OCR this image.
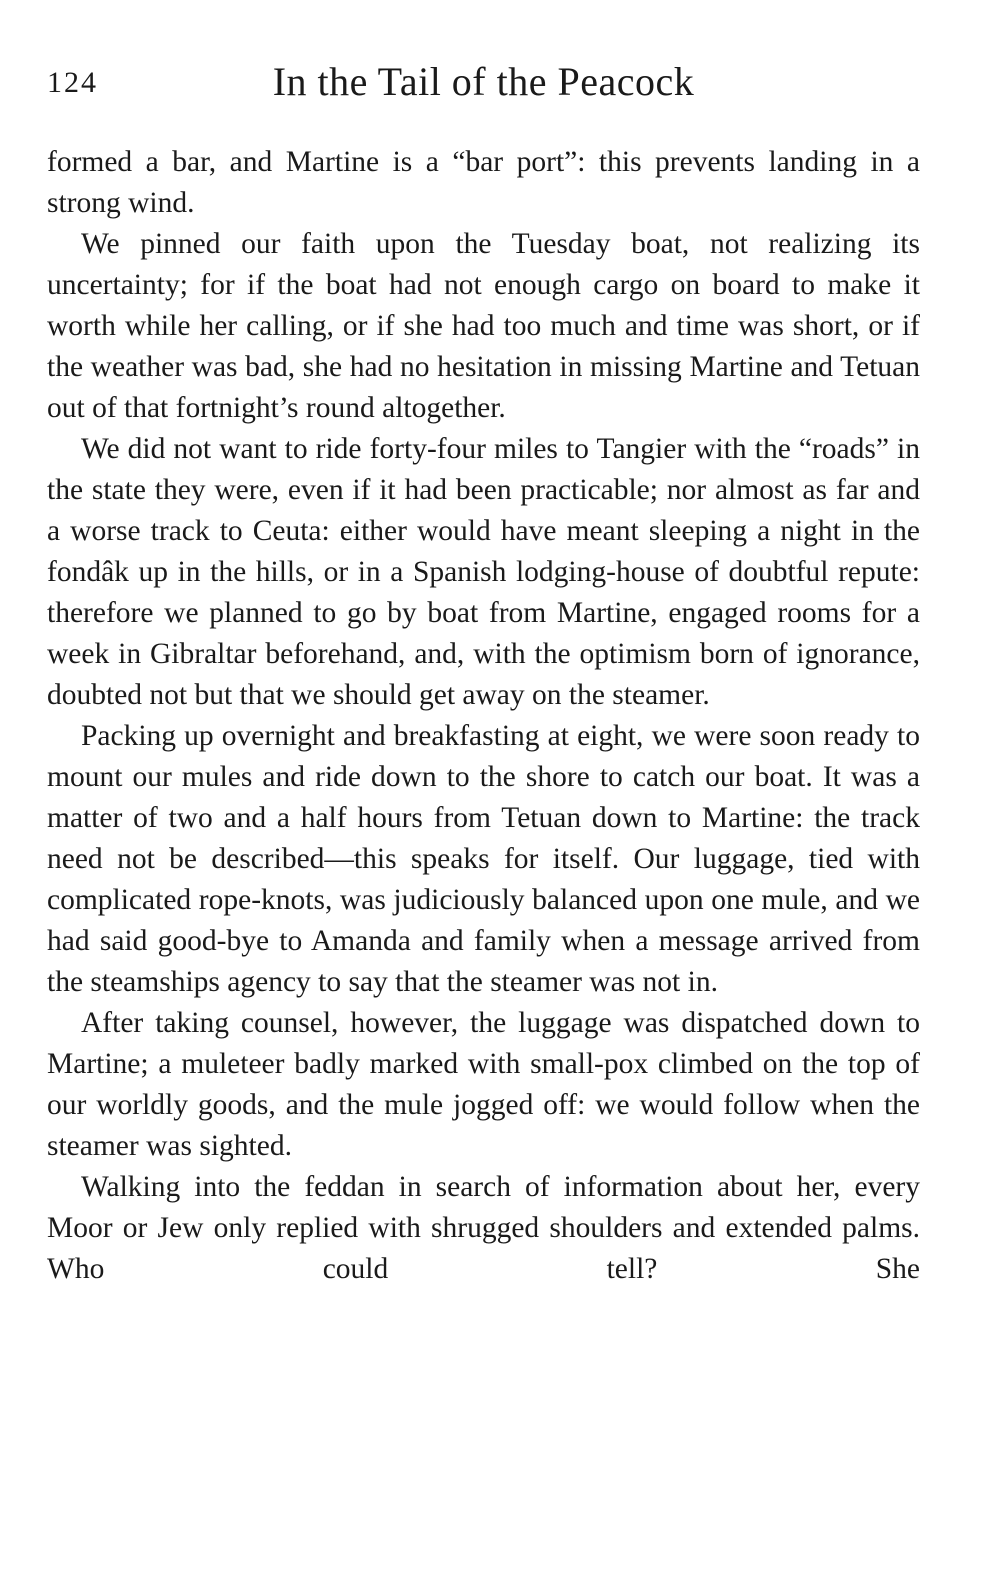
124	In the Tail of the Peacock

formed a bar, and Martine is a “bar port”: this prevents landing in a strong wind.

We pinned our faith upon the Tuesday boat, not realizing its uncertainty; for if the boat had not enough cargo on board to make it worth while her calling, or if she had too much and time was short, or if the weather was bad, she had no hesitation in missing Martine and Tetuan out of that fortnight’s round altogether.

We did not want to ride forty-four miles to Tangier with the “roads” in the state they were, even if it had been practicable; nor almost as far and a worse track to Ceuta: either would have meant sleeping a night in the fondâk up in the hills, or in a Spanish lodging-house of doubtful repute: therefore we planned to go by boat from Martine, engaged rooms for a week in Gibraltar beforehand, and, with the optimism born of ignorance, doubted not but that we should get away on the steamer.

Packing up overnight and breakfasting at eight, we were soon ready to mount our mules and ride down to the shore to catch our boat. It was a matter of two and a half hours from Tetuan down to Martine: the track need not be described—this speaks for itself. Our luggage, tied with complicated rope-knots, was judiciously balanced upon one mule, and we had said good-bye to Amanda and family when a message arrived from the steamships agency to say that the steamer was not in.

After taking counsel, however, the luggage was dispatched down to Martine; a muleteer badly marked with small-pox climbed on the top of our worldly goods, and the mule jogged off: we would follow when the steamer was sighted.

Walking into the feddan in search of information about her, every Moor or Jew only replied with shrugged shoulders and extended palms. Who could tell? She
